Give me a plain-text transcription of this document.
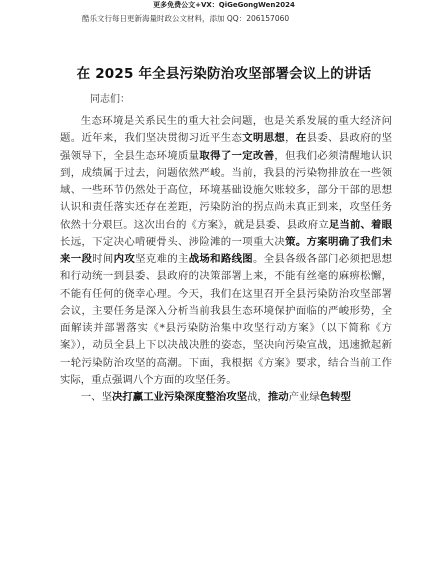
更多免费公文+VX：QiGeGongWen2024
酷乐文行每日更新海量时政公文材料，添加 QQ：206157060
在 2025 年全县污染防治攻坚部署会议上的讲话
同志们：

生态环境是关系民生的重大社会问题，也是关系发展的重大经济问题。近年来，我们坚决贯彻习近平生态文明思想，在县委、县政府的坚强领导下，全县生态环境质量取得了一定改善，但我们必须清醒地认识到，成绩属于过去，问题依然严峻。当前，我县的污染物排放在一些领域、一些环节仍然处于高位，环境基础设施欠账较多，部分干部的思想认识和责任落实还存在差距，污染防治的拐点尚未真正到来，攻坚任务依然十分艰巨。这次出台的《方案》，就是县委、县政府立足当前、着眼长远，下定决心啃硬骨头、涉险滩的一项重大决策。方案明确了我们未来一段时间内攻坚克难的主战场和路线图。全县各级各部门必须把思想和行动统一到县委、县政府的决策部署上来，不能有丝毫的麻痹松懈，不能有任何的侥幸心理。今天，我们在这里召开全县污染防治攻坚部署会议，主要任务是深入分析当前我县生态环境保护面临的严峻形势，全面解读并部署落实《*县污染防治集中攻坚行动方案》（以下简称《方案》），动员全县上下以决战决胜的姿态，坚决向污染宣战，迅速掀起新一轮污染防治攻坚的高潮。下面，我根据《方案》要求，结合当前工作实际，重点强调八个方面的攻坚任务。

一、坚决打赢工业污染深度整治攻坚战，推动产业绿色转型
